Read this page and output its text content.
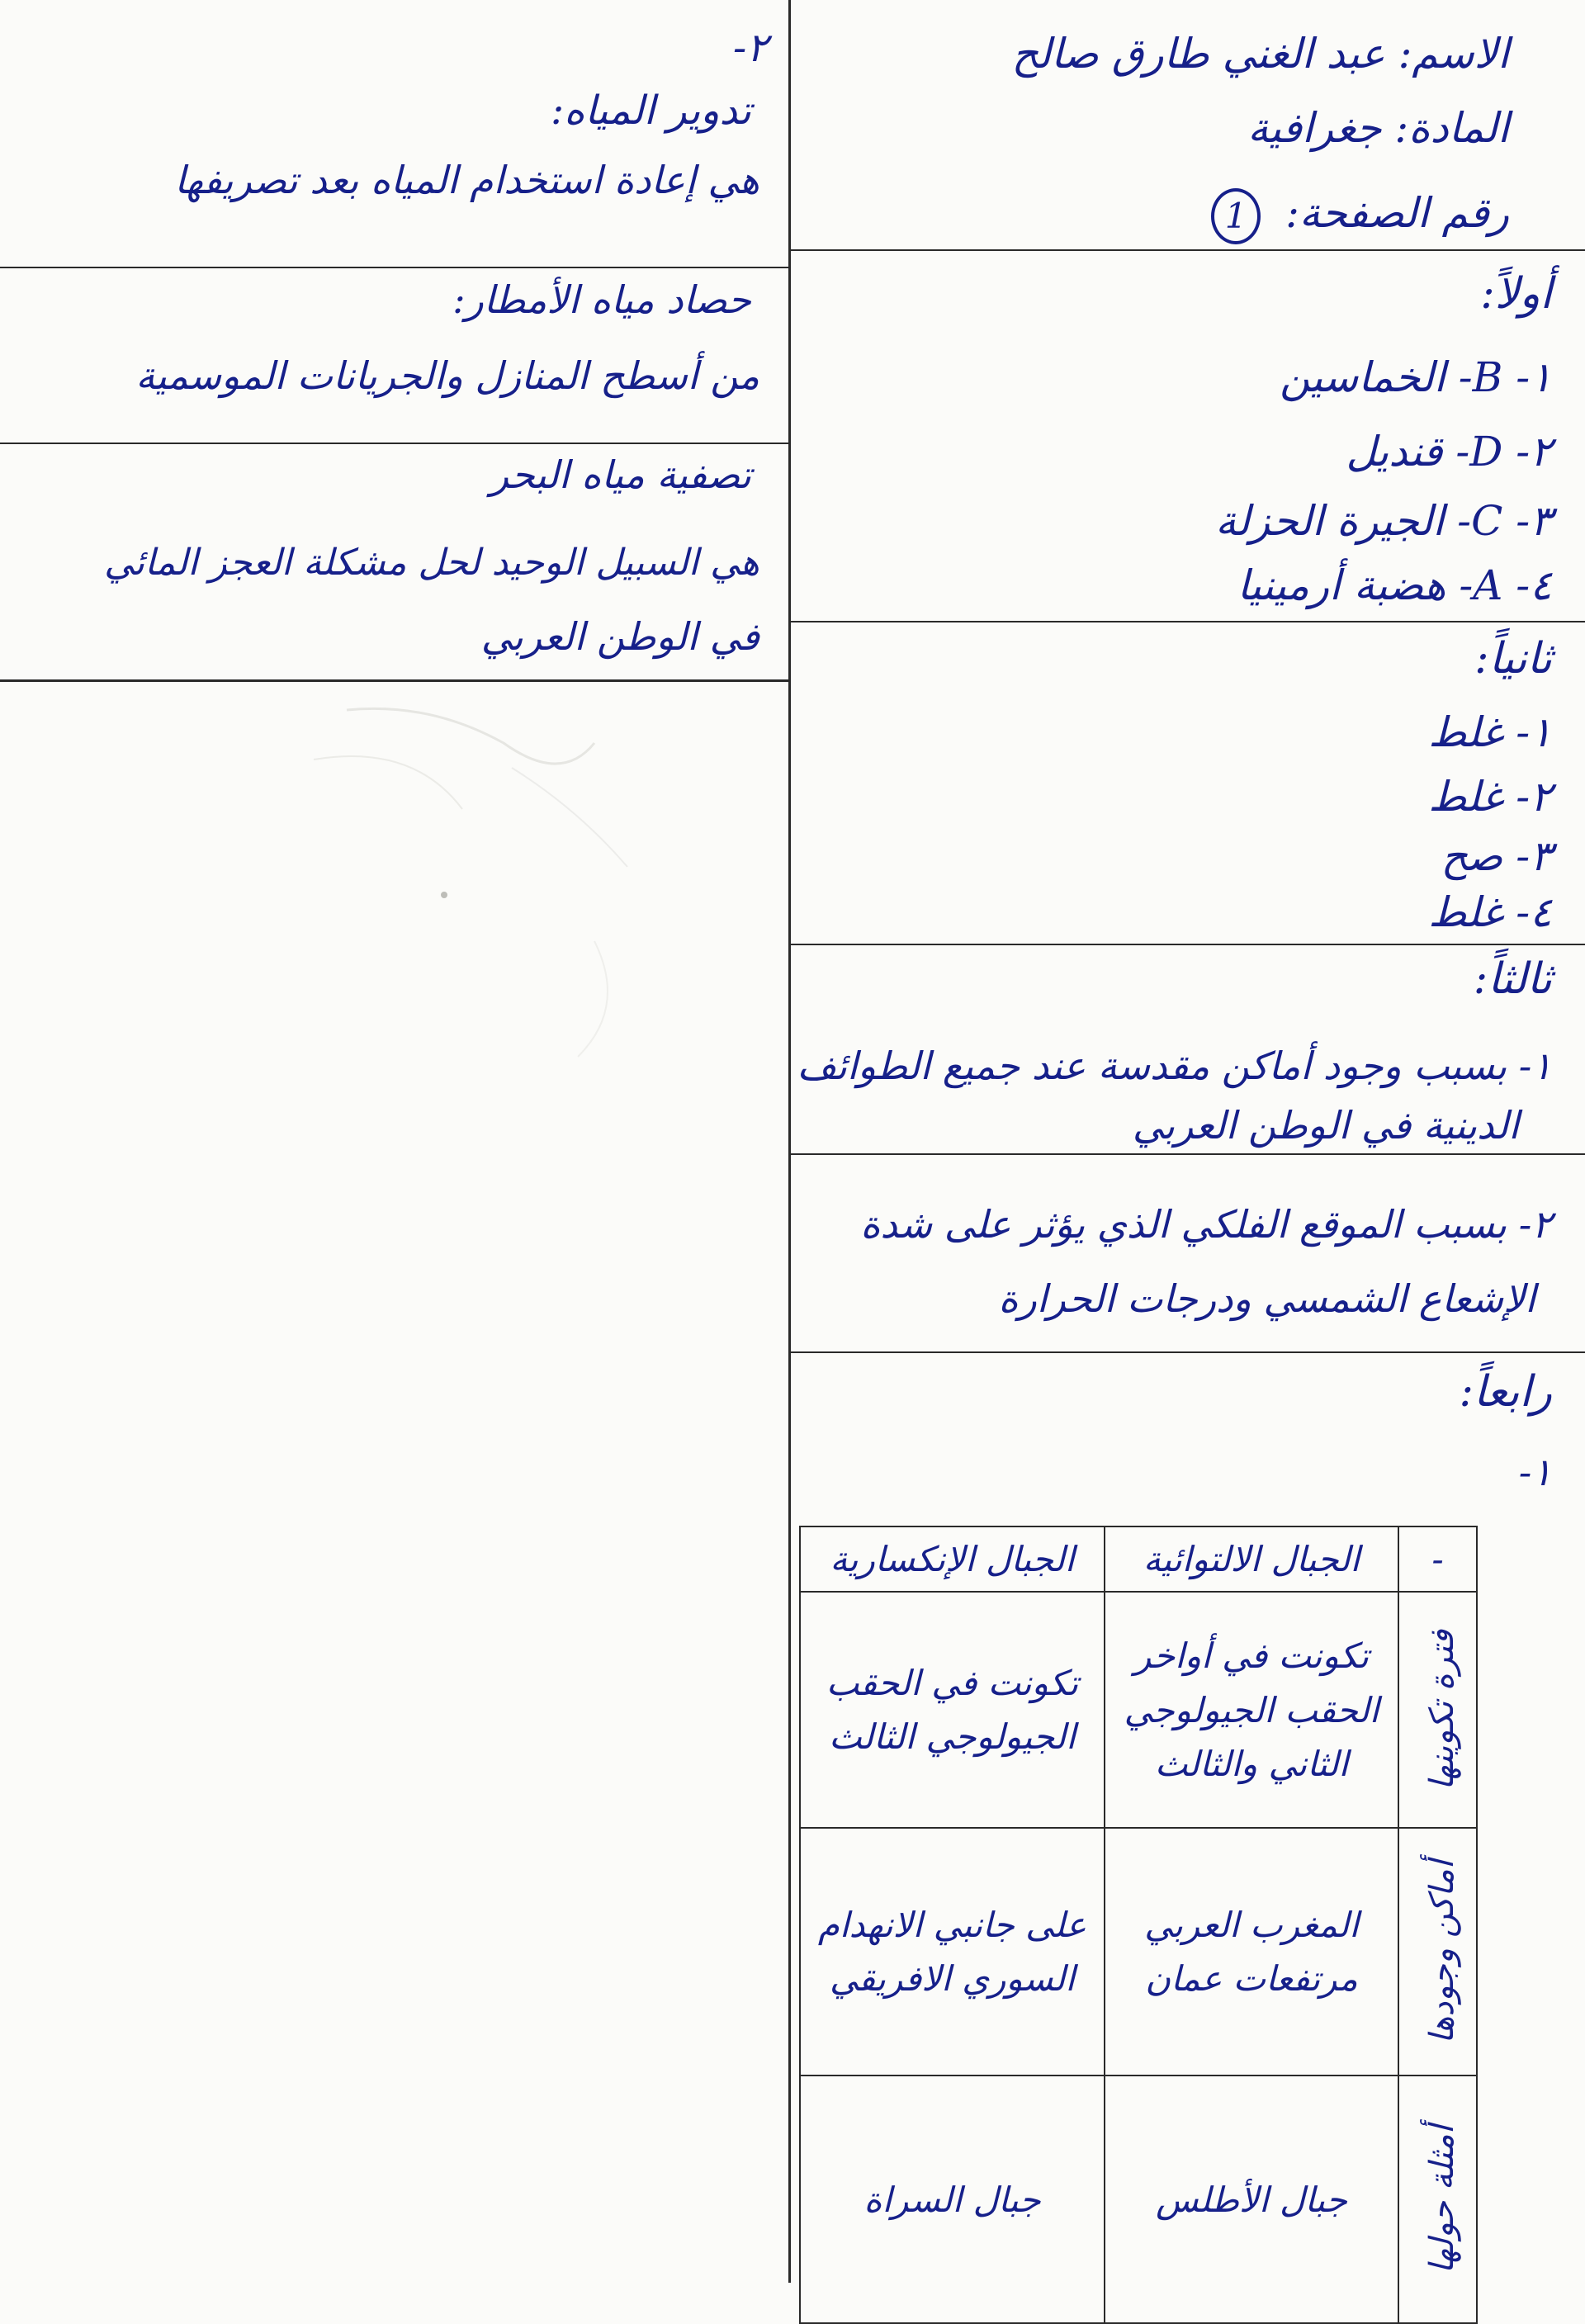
الاسم: عبد الغني طارق صالح
المادة: جغرافية
رقم الصفحة: 1
أولاً:
١- B- الخماسين
٢- D- قنديل
٣- C- الجيرة الحزلة
٤- A- هضبة أرمينيا
ثانياً:
١- غلط
٢- غلط
٣- صح
٤- غلط
ثالثاً:
١- بسبب وجود أماكن مقدسة عند جميع الطوائف
الدينية في الوطن العربي
٢- بسبب الموقع الفلكي الذي يؤثر على شدة
الإشعاع الشمسي ودرجات الحرارة
رابعاً:
١-
-	الجبال الالتوائية	الجبال الإنكسارية

فترة تكوينها	تكونت في أواخر الحقب الجيولوجي الثاني والثالث	تكونت في الحقب الجيولوجي الثالث

أماكن وجودها	المغرب العربي مرتفعات عمان	على جانبي الانهدام السوري الافريقي

أمثلة حولها	جبال الأطلس	جبال السراة
٢-
تدوير المياه:
هي إعادة استخدام المياه بعد تصريفها
حصاد مياه الأمطار:
من أسطح المنازل والجريانات الموسمية
تصفية مياه البحر
هي السبيل الوحيد لحل مشكلة العجز المائي
في الوطن العربي
